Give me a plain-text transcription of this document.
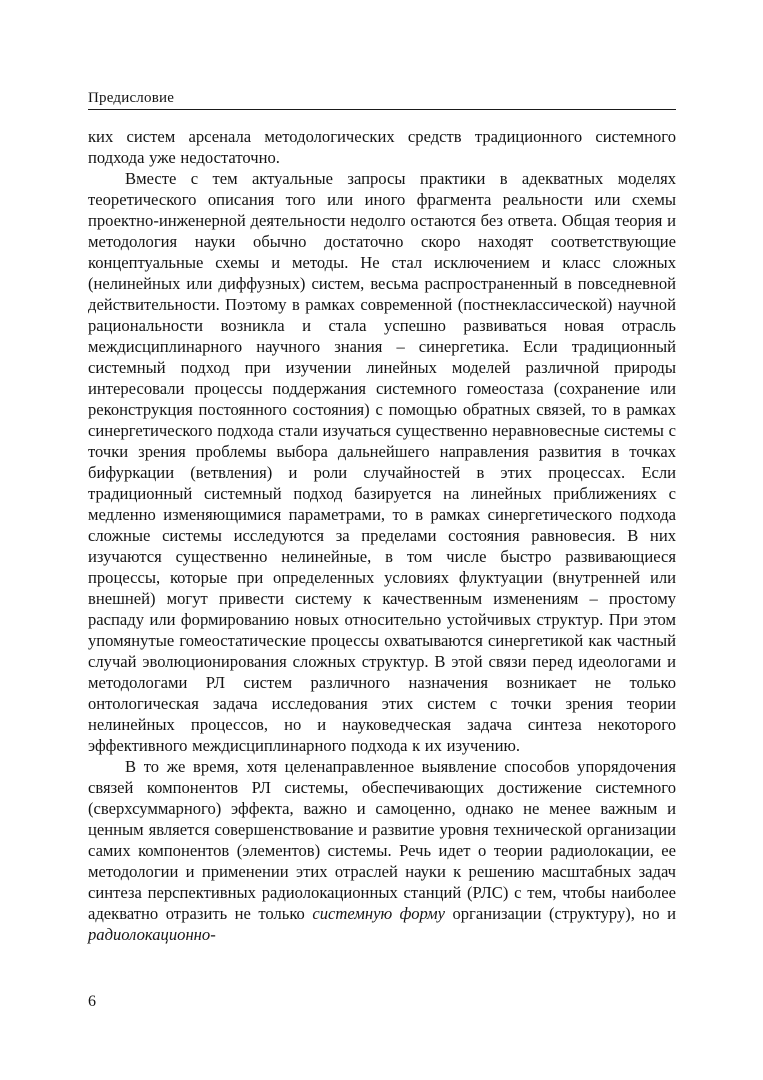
Предисловие

ких систем арсенала методологических средств традиционного системного подхода уже недостаточно.

Вместе с тем актуальные запросы практики в адекватных моделях теоретического описания того или иного фрагмента реальности или схемы проектно-инженерной деятельности недолго остаются без ответа. Общая теория и методология науки обычно достаточно скоро находят соответствующие концептуальные схемы и методы. Не стал исключением и класс сложных (нелинейных или диффузных) систем, весьма распространенный в повседневной действительности. Поэтому в рамках современной (постнеклассической) научной рациональности возникла и стала успешно развиваться новая отрасль междисциплинарного научного знания – синергетика. Если традиционный системный подход при изучении линейных моделей различной природы интересовали процессы поддержания системного гомеостаза (сохранение или реконструкция постоянного состояния) с помощью обратных связей, то в рамках синергетического подхода стали изучаться существенно неравновесные системы с точки зрения проблемы выбора дальнейшего направления развития в точках бифуркации (ветвления) и роли случайностей в этих процессах. Если традиционный системный подход базируется на линейных приближениях с медленно изменяющимися параметрами, то в рамках синергетического подхода сложные системы исследуются за пределами состояния равновесия. В них изучаются существенно нелинейные, в том числе быстро развивающиеся процессы, которые при определенных условиях флуктуации (внутренней или внешней) могут привести систему к качественным изменениям – простому распаду или формированию новых относительно устойчивых структур. При этом упомянутые гомеостатические процессы охватываются синергетикой как частный случай эволюционирования сложных структур. В этой связи перед идеологами и методологами РЛ систем различного назначения возникает не только онтологическая задача исследования этих систем с точки зрения теории нелинейных процессов, но и науковедческая задача синтеза некоторого эффективного междисциплинарного подхода к их изучению.

В то же время, хотя целенаправленное выявление способов упорядочения связей компонентов РЛ системы, обеспечивающих достижение системного (сверхсуммарного) эффекта, важно и самоценно, однако не менее важным и ценным является совершенствование и развитие уровня технической организации самих компонентов (элементов) системы. Речь идет о теории радиолокации, ее методологии и применении этих отраслей науки к решению масштабных задач синтеза перспективных радиолокационных станций (РЛС) с тем, чтобы наиболее адекватно отразить не только системную форму организации (структуру), но и радиолокационно-

6
